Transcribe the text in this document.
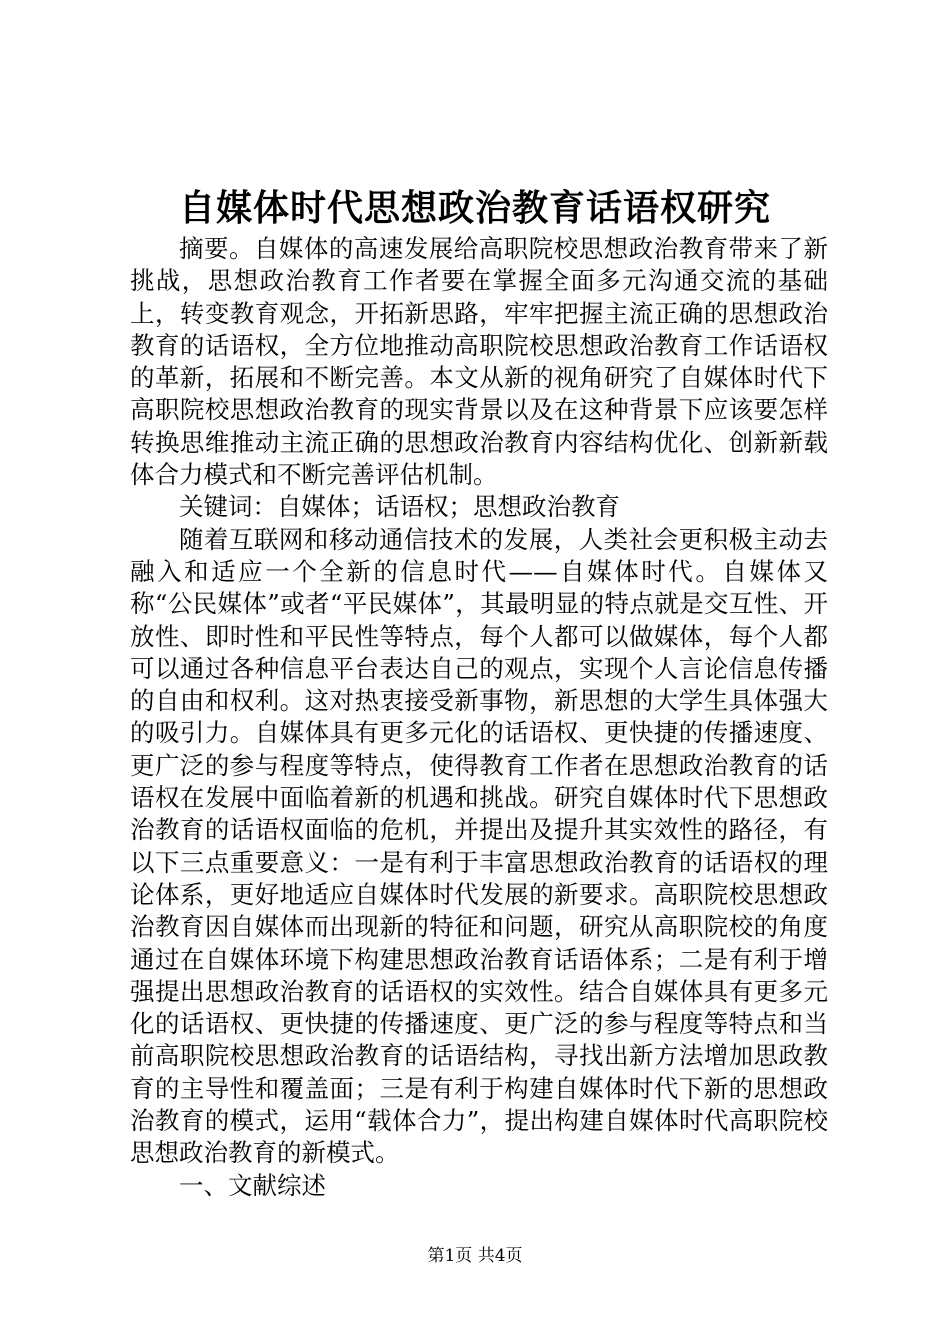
自媒体时代思想政治教育话语权研究

摘要。自媒体的高速发展给高职院校思想政治教育带来了新挑战，思想政治教育工作者要在掌握全面多元沟通交流的基础上，转变教育观念，开拓新思路，牢牢把握主流正确的思想政治教育的话语权，全方位地推动高职院校思想政治教育工作话语权的革新，拓展和不断完善。本文从新的视角研究了自媒体时代下高职院校思想政治教育的现实背景以及在这种背景下应该要怎样转换思维推动主流正确的思想政治教育内容结构优化、创新新载体合力模式和不断完善评估机制。

关键词：自媒体；话语权；思想政治教育

随着互联网和移动通信技术的发展，人类社会更积极主动去融入和适应一个全新的信息时代——自媒体时代。自媒体又称“公民媒体”或者“平民媒体”，其最明显的特点就是交互性、开放性、即时性和平民性等特点，每个人都可以做媒体，每个人都可以通过各种信息平台表达自己的观点，实现个人言论信息传播的自由和权利。这对热衷接受新事物，新思想的大学生具体强大的吸引力。自媒体具有更多元化的话语权、更快捷的传播速度、更广泛的参与程度等特点，使得教育工作者在思想政治教育的话语权在发展中面临着新的机遇和挑战。研究自媒体时代下思想政治教育的话语权面临的危机，并提出及提升其实效性的路径，有以下三点重要意义：一是有利于丰富思想政治教育的话语权的理论体系，更好地适应自媒体时代发展的新要求。高职院校思想政治教育因自媒体而出现新的特征和问题，研究从高职院校的角度通过在自媒体环境下构建思想政治教育话语体系；二是有利于增强提出思想政治教育的话语权的实效性。结合自媒体具有更多元化的话语权、更快捷的传播速度、更广泛的参与程度等特点和当前高职院校思想政治教育的话语结构，寻找出新方法增加思政教育的主导性和覆盖面；三是有利于构建自媒体时代下新的思想政治教育的模式，运用“载体合力”，提出构建自媒体时代高职院校思想政治教育的新模式。

一、文献综述

第1页 共4页
